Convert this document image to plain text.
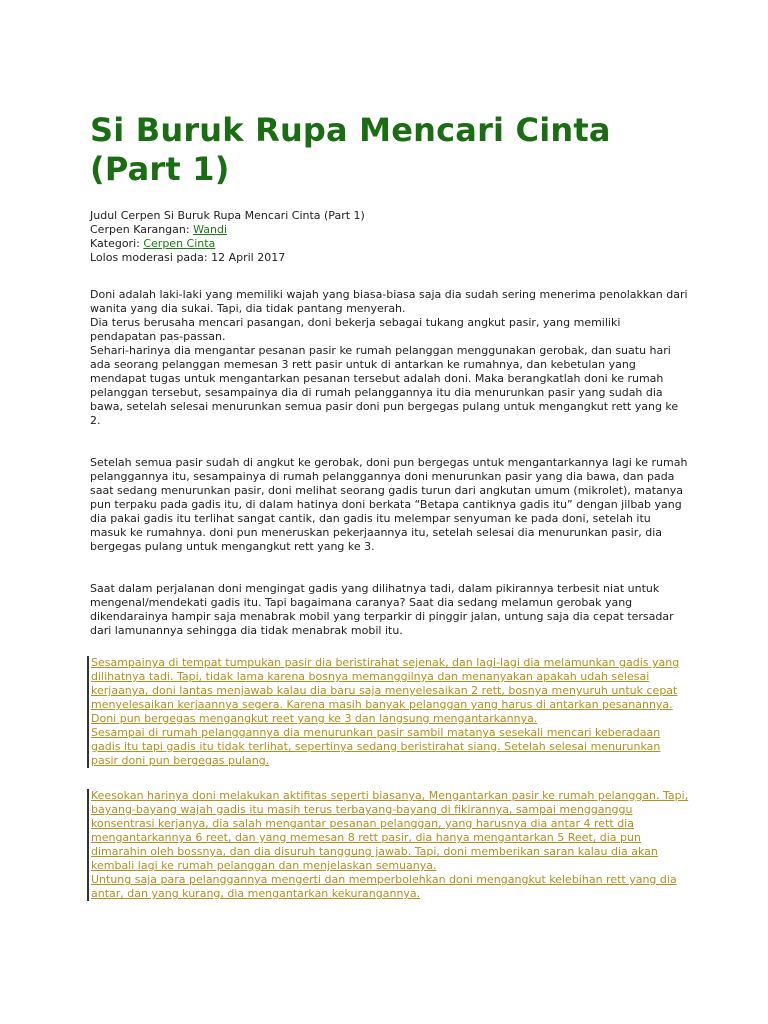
Si Buruk Rupa Mencari Cinta (Part 1)
Judul Cerpen Si Buruk Rupa Mencari Cinta (Part 1)
Cerpen Karangan: Wandi
Kategori: Cerpen Cinta
Lolos moderasi pada: 12 April 2017

Doni adalah laki-laki yang memiliki wajah yang biasa-biasa saja dia sudah sering menerima penolakkan dari wanita yang dia sukai. Tapi, dia tidak pantang menyerah.

Dia terus berusaha mencari pasangan, doni bekerja sebagai tukang angkut pasir, yang memiliki pendapatan pas-passan.

Sehari-harinya dia mengantar pesanan pasir ke rumah pelanggan menggunakan gerobak, dan suatu hari ada seorang pelanggan memesan 3 rett pasir untuk di antarkan ke rumahnya, dan kebetulan yang mendapat tugas untuk mengantarkan pesanan tersebut adalah doni. Maka berangkatlah doni ke rumah pelanggan tersebut, sesampainya dia di rumah pelanggannya itu dia menurunkan pasir yang sudah dia bawa, setelah selesai menurunkan semua pasir doni pun bergegas pulang untuk mengangkut rett yang ke 2.

Setelah semua pasir sudah di angkut ke gerobak, doni pun bergegas untuk mengantarkannya lagi ke rumah pelanggannya itu, sesampainya di rumah pelanggannya doni menurunkan pasir yang dia bawa, dan pada saat sedang menurunkan pasir, doni melihat seorang gadis turun dari angkutan umum (mikrolet), matanya pun terpaku pada gadis itu, di dalam hatinya doni berkata “Betapa cantiknya gadis itu” dengan jilbab yang dia pakai gadis itu terlihat sangat cantik, dan gadis itu melempar senyuman ke pada doni, setelah itu masuk ke rumahnya. doni pun meneruskan pekerjaannya itu, setelah selesai dia menurunkan pasir, dia bergegas pulang untuk mengangkut rett yang ke 3.

Saat dalam perjalanan doni mengingat gadis yang dilihatnya tadi, dalam pikirannya terbesit niat untuk mengenal/mendekati gadis itu. Tapi bagaimana caranya? Saat dia sedang melamun gerobak yang dikendarainya hampir saja menabrak mobil yang terparkir di pinggir jalan, untung saja dia cepat tersadar dari lamunannya sehingga dia tidak menabrak mobil itu.

Sesampainya di tempat tumpukan pasir dia beristirahat sejenak, dan lagi-lagi dia melamunkan gadis yang dilihatnya tadi. Tapi, tidak lama karena bosnya memanggilnya dan menanyakan apakah udah selesai kerjaanya, doni lantas menjawab kalau dia baru saja menyelesaikan 2 rett, bosnya menyuruh untuk cepat menyelesaikan kerjaannya segera. Karena masih banyak pelanggan yang harus di antarkan pesanannya. Doni pun bergegas mengangkut reet yang ke 3 dan langsung mengantarkannya.

Sesampai di rumah pelanggannya dia menurunkan pasir sambil matanya sesekali mencari keberadaan gadis itu tapi gadis itu tidak terlihat, sepertinya sedang beristirahat siang. Setelah selesai menurunkan pasir doni pun bergegas pulang.

Keesokan harinya doni melakukan aktifitas seperti biasanya, Mengantarkan pasir ke rumah pelanggan. Tapi, bayang-bayang wajah gadis itu masih terus terbayang-bayang di fikirannya, sampai mengganggu konsentrasi kerjanya, dia salah mengantar pesanan pelanggan, yang harusnya dia antar 4 rett dia mengantarkannya 6 reet, dan yang memesan 8 rett pasir, dia hanya mengantarkan 5 Reet, dia pun dimarahin oleh bossnya, dan dia disuruh tanggung jawab. Tapi, doni memberikan saran kalau dia akan kembali lagi ke rumah pelanggan dan menjelaskan semuanya.

Untung saja para pelanggannya mengerti dan memperbolehkan doni mengangkut kelebihan rett yang dia antar, dan yang kurang, dia mengantarkan kekurangannya.
